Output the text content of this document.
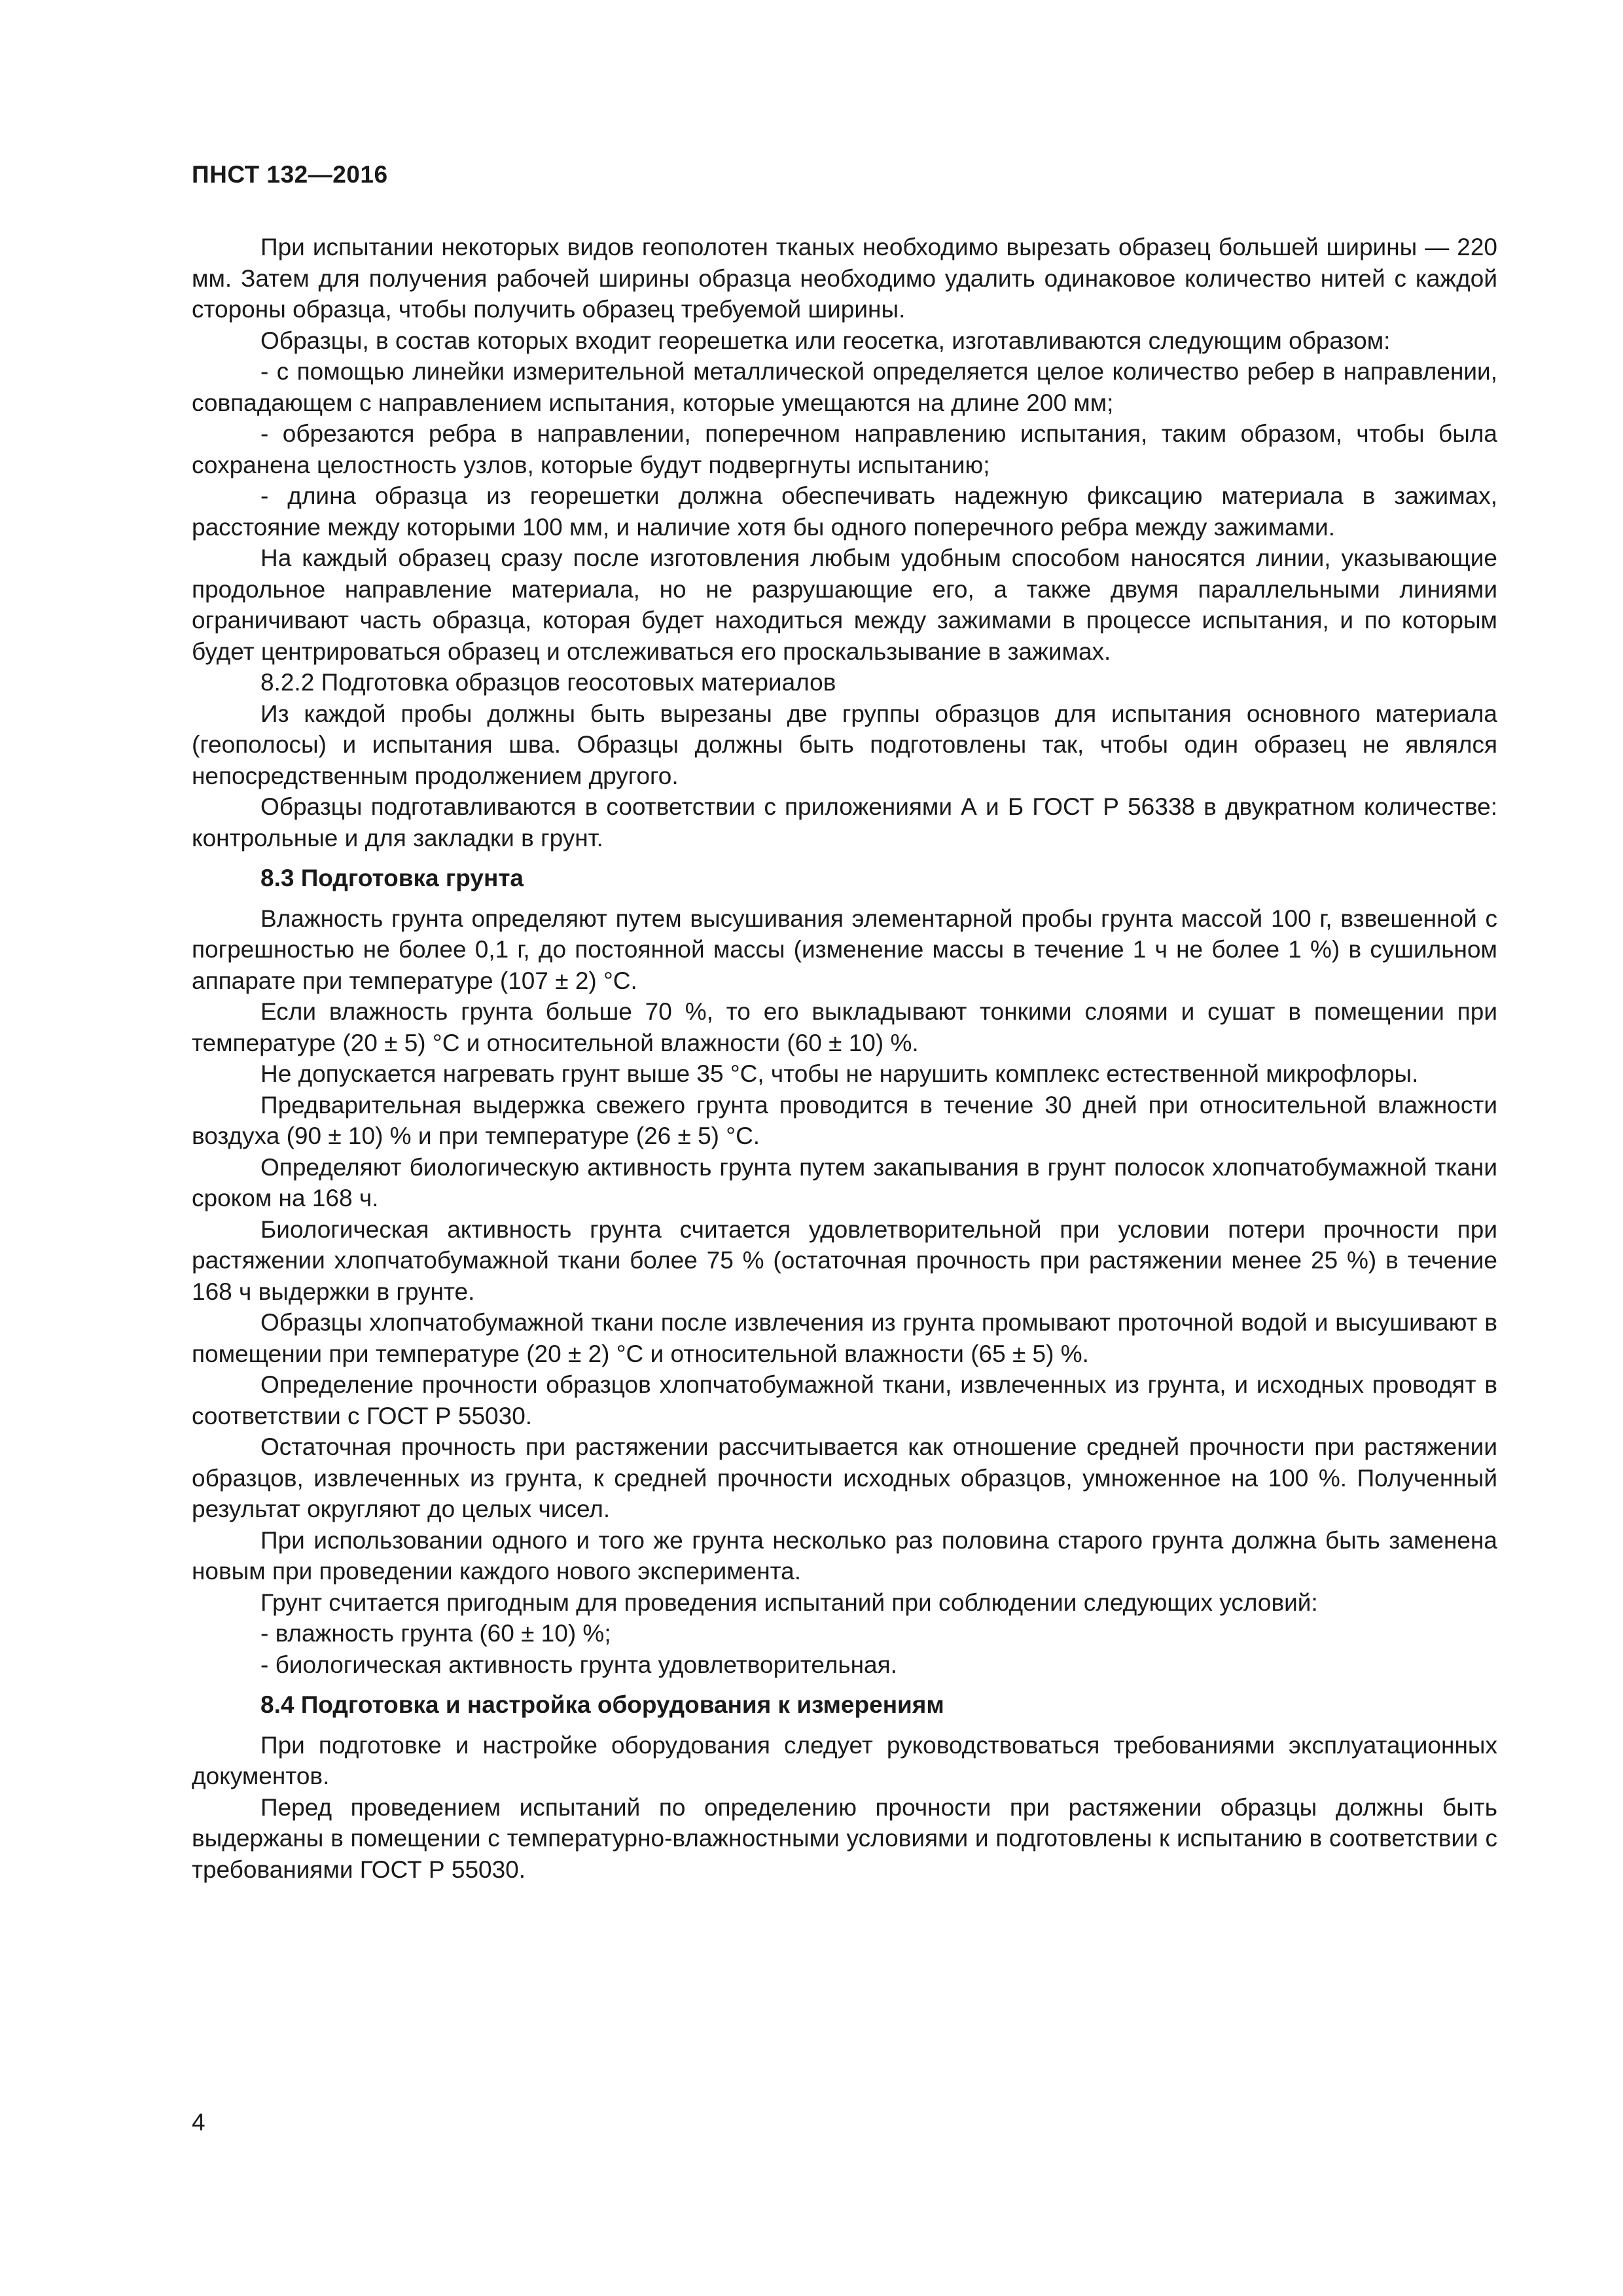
ПНСТ 132—2016

При испытании некоторых видов геополотен тканых необходимо вырезать образец большей ширины — 220 мм. Затем для получения рабочей ширины образца необходимо удалить одинаковое количество нитей с каждой стороны образца, чтобы получить образец требуемой ширины.

Образцы, в состав которых входит георешетка или геосетка, изготавливаются следующим образом:

- с помощью линейки измерительной металлической определяется целое количество ребер в направлении, совпадающем с направлением испытания, которые умещаются на длине 200 мм;

- обрезаются ребра в направлении, поперечном направлению испытания, таким образом, чтобы была сохранена целостность узлов, которые будут подвергнуты испытанию;

- длина образца из георешетки должна обеспечивать надежную фиксацию материала в зажимах, расстояние между которыми 100 мм, и наличие хотя бы одного поперечного ребра между зажимами.

На каждый образец сразу после изготовления любым удобным способом наносятся линии, указывающие продольное направление материала, но не разрушающие его, а также двумя параллельными линиями ограничивают часть образца, которая будет находиться между зажимами в процессе испытания, и по которым будет центрироваться образец и отслеживаться его проскальзывание в зажимах.

8.2.2 Подготовка образцов геосотовых материалов

Из каждой пробы должны быть вырезаны две группы образцов для испытания основного материала (геополосы) и испытания шва. Образцы должны быть подготовлены так, чтобы один образец не являлся непосредственным продолжением другого.

Образцы подготавливаются в соответствии с приложениями А и Б ГОСТ Р 56338 в двукратном количестве: контрольные и для закладки в грунт.

8.3 Подготовка грунта

Влажность грунта определяют путем высушивания элементарной пробы грунта массой 100 г, взвешенной с погрешностью не более 0,1 г, до постоянной массы (изменение массы в течение 1 ч не более 1 %) в сушильном аппарате при температуре (107 ± 2) °С.

Если влажность грунта больше 70 %, то его выкладывают тонкими слоями и сушат в помещении при температуре (20 ± 5) °С и относительной влажности (60 ± 10) %.

Не допускается нагревать грунт выше 35 °С, чтобы не нарушить комплекс естественной микрофлоры.

Предварительная выдержка свежего грунта проводится в течение 30 дней при относительной влажности воздуха (90 ± 10) % и при температуре (26 ± 5) °С.

Определяют биологическую активность грунта путем закапывания в грунт полосок хлопчатобумажной ткани сроком на 168 ч.

Биологическая активность грунта считается удовлетворительной при условии потери прочности при растяжении хлопчатобумажной ткани более 75 % (остаточная прочность при растяжении менее 25 %) в течение 168 ч выдержки в грунте.

Образцы хлопчатобумажной ткани после извлечения из грунта промывают проточной водой и высушивают в помещении при температуре (20 ± 2) °С и относительной влажности (65 ± 5) %.

Определение прочности образцов хлопчатобумажной ткани, извлеченных из грунта, и исходных проводят в соответствии с ГОСТ Р 55030.

Остаточная прочность при растяжении рассчитывается как отношение средней прочности при растяжении образцов, извлеченных из грунта, к средней прочности исходных образцов, умноженное на 100 %. Полученный результат округляют до целых чисел.

При использовании одного и того же грунта несколько раз половина старого грунта должна быть заменена новым при проведении каждого нового эксперимента.

Грунт считается пригодным для проведения испытаний при соблюдении следующих условий:

- влажность грунта (60 ± 10) %;

- биологическая активность грунта удовлетворительная.

8.4 Подготовка и настройка оборудования к измерениям

При подготовке и настройке оборудования следует руководствоваться требованиями эксплуатационных документов.

Перед проведением испытаний по определению прочности при растяжении образцы должны быть выдержаны в помещении с температурно-влажностными условиями и подготовлены к испытанию в соответствии с требованиями ГОСТ Р 55030.

4
